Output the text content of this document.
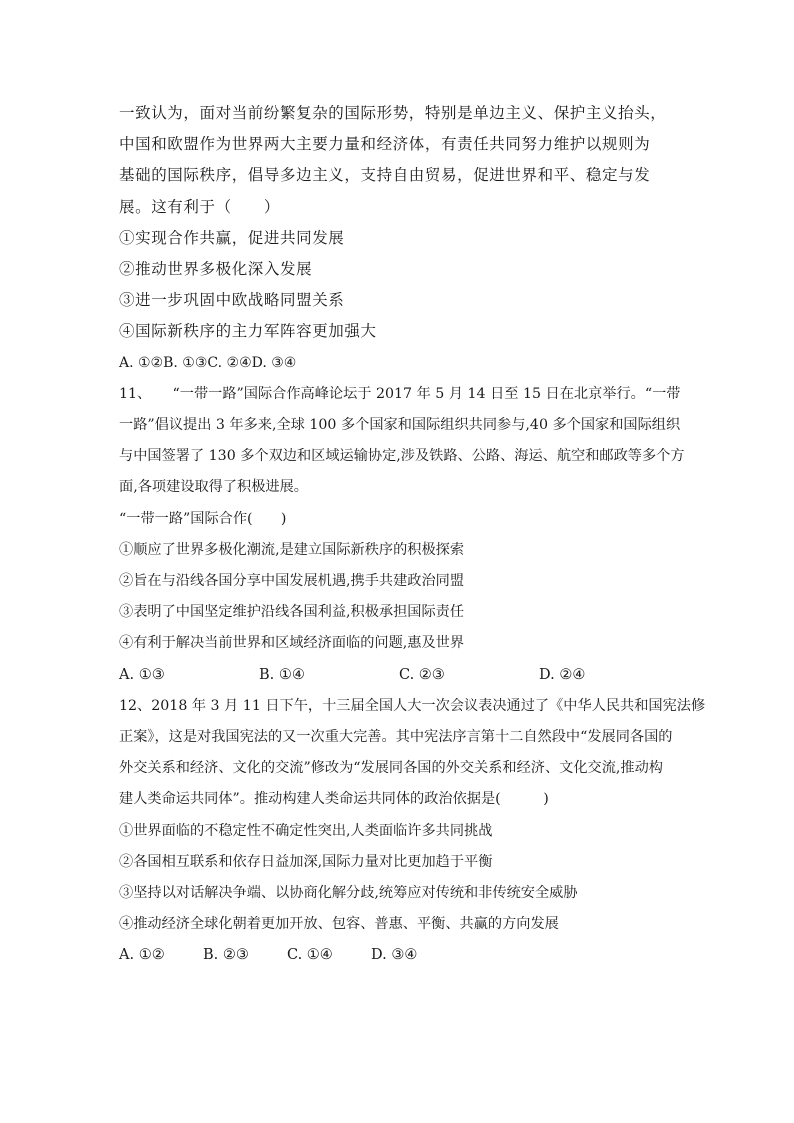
一致认为，面对当前纷繁复杂的国际形势，特别是单边主义、保护主义抬头，
中国和欧盟作为世界两大主要力量和经济体，有责任共同努力维护以规则为
基础的国际秩序，倡导多边主义，支持自由贸易，促进世界和平、稳定与发
展。这有利于（　　）
①实现合作共赢，促进共同发展
②推动世界多极化深入发展
③进一步巩固中欧战略同盟关系
④国际新秩序的主力军阵容更加强大
A. ①②B. ①③C. ②④D. ③④
11、　　“一带一路”国际合作高峰论坛于 2017 年 5 月 14 日至 15 日在北京举行。“一带
一路”倡议提出 3 年多来,全球 100 多个国家和国际组织共同参与,40 多个国家和国际组织
与中国签署了 130 多个双边和区域运输协定,涉及铁路、公路、海运、航空和邮政等多个方
面,各项建设取得了积极进展。
“一带一路”国际合作(　　)
①顺应了世界多极化潮流,是建立国际新秩序的积极探索
②旨在与沿线各国分享中国发展机遇,携手共建政治同盟
③表明了中国坚定维护沿线各国利益,积极承担国际责任
④有利于解决当前世界和区域经济面临的问题,惠及世界
A. ①③	B. ①④	C. ②③	D. ②④
12、2018 年 3 月 11 日下午，十三届全国人大一次会议表决通过了《中华人民共和国宪法修
正案》，这是对我国宪法的又一次重大完善。其中宪法序言第十二自然段中“发展同各国的
外交关系和经济、文化的交流”修改为“发展同各国的外交关系和经济、文化交流,推动构
建人类命运共同体”。推动构建人类命运共同体的政治依据是(　　　)
①世界面临的不稳定性不确定性突出,人类面临许多共同挑战
②各国相互联系和依存日益加深,国际力量对比更加趋于平衡
③坚持以对话解决争端、以协商化解分歧,统筹应对传统和非传统安全威胁
④推动经济全球化朝着更加开放、包容、普惠、平衡、共赢的方向发展
A. ①②	B. ②③	C. ①④	D. ③④
